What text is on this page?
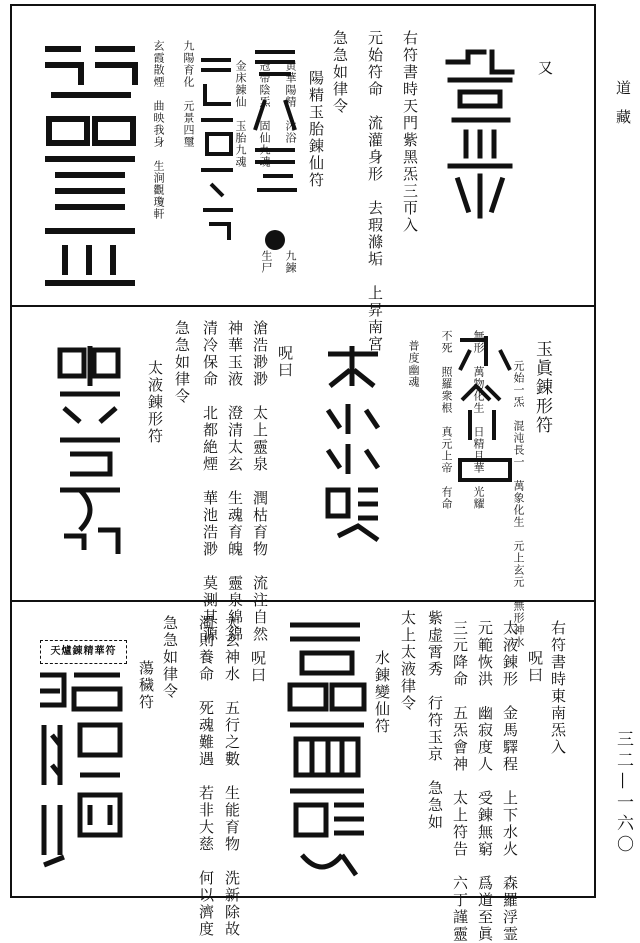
道藏
三二—一六〇
又
右符書時天門紫黑炁三帀入
元始符命　流灌身形　去瑕滌垢　上昇南宮
急急如律令
陽精玉胎錬仙符
九鍊
生尸
黄華陽精　沐浴
冠帶陰炁　固仙九魂
金床錬仙　玉胎九魂
九陽育化　元景四璽
玄霞散煙　曲映我身　生涧觀瓊軒
玉眞錬形符
元始一炁　混沌長一　萬象化生　元上玄元　無形神水
無形　萬物化生　日精月華　光耀
不死　照羅衆根　真元上帝　有命
普度幽魂
呪曰
滄浩渺渺　太上靈泉　潤枯育物　流注自然
神華玉液　澄清太玄　生魂育魄　靈泉綿綿
清冷保命　北都絶煙　華池浩渺　莫測其源
急急如律令
太液錬形符
右符書時東南炁入
呪曰
太液錬形　金馬驛程　上下水火　森羅浮霊
元範恢洪　幽寂度人　受錬無窮　爲道至眞
三元降命　五炁會神　太上符告　六丁謹靈
紫虚霄秀　行符玉京　急急如
太上太液律令
水錬變仙符
呪曰
太玄神水　五行之數　生能育物　洗新除故
濁則養命　死魂難遇　若非大慈　何以濟度
急急如律令
蕩穢符
天爐錬精華符
